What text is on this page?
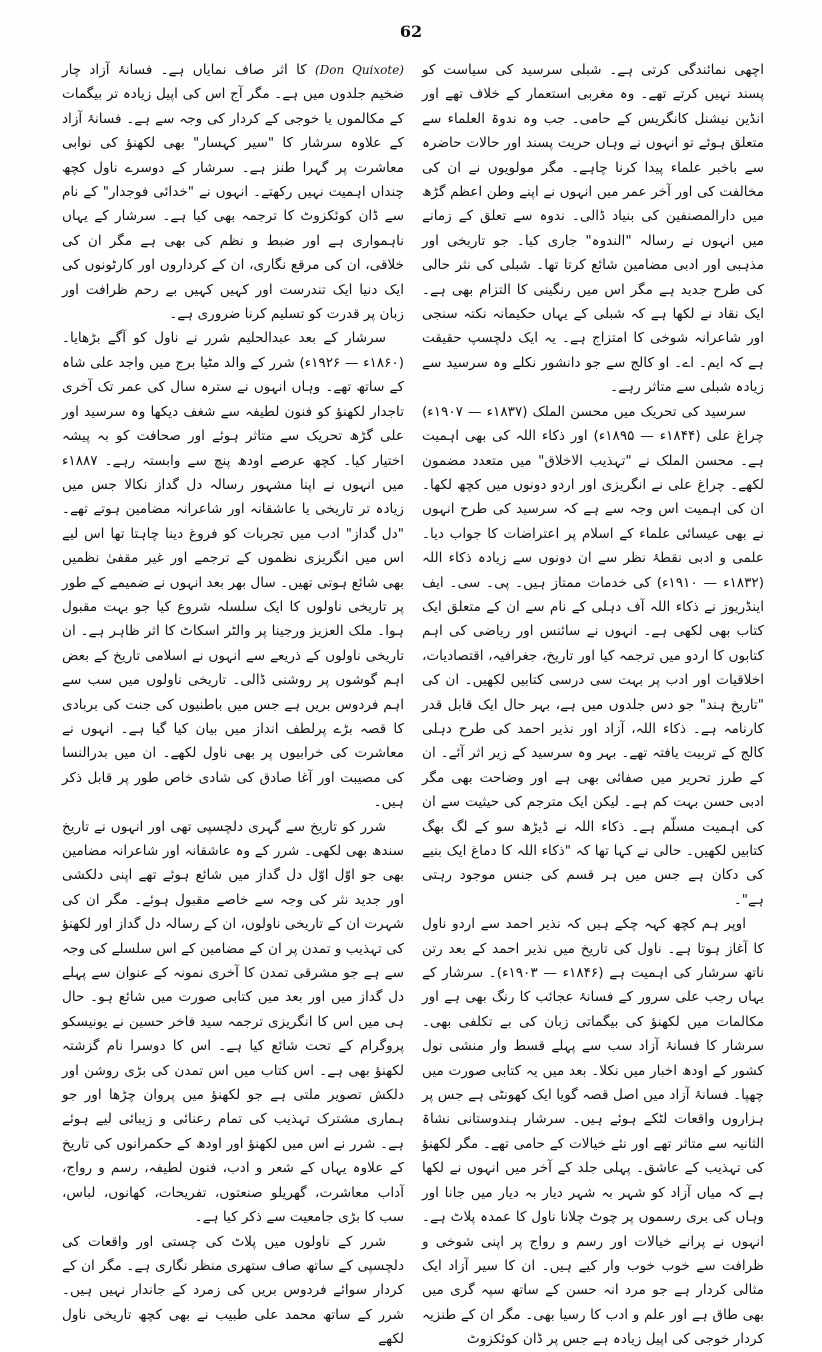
62

اچھی نمائندگی کرتی ہے۔ شبلی سرسید کی سیاست کو پسند نہیں کرتے تھے۔ وہ مغربی استعمار کے خلاف تھے اور انڈین نیشنل کانگریس کے حامی۔ جب وہ ندوۃ العلماء سے متعلق ہوئے تو انہوں نے وہاں حریت پسند اور حالات حاضرہ سے باخبر علماء پیدا کرنا چاہے۔ مگر مولویوں نے ان کی مخالفت کی اور آخر عمر میں انہوں نے اپنے وطن اعظم گڑھ میں دارالمصنفین کی بنیاد ڈالی۔ ندوہ سے تعلق کے زمانے میں انہوں نے رسالہ "الندوہ" جاری کیا۔ جو تاریخی اور مذہبی اور ادبی مضامین شائع کرتا تھا۔ شبلی کی نثر حالی کی طرح جدید ہے مگر اس میں رنگینی کا التزام بھی ہے۔ ایک نقاد نے لکھا ہے کہ شبلی کے یہاں حکیمانہ نکتہ سنجی اور شاعرانہ شوخی کا امتزاج ہے۔ یہ ایک دلچسپ حقیقت ہے کہ ایم۔ اے۔ او کالج سے جو دانشور نکلے وہ سرسید سے زیادہ شبلی سے متاثر رہے۔

سرسید کی تحریک میں محسن الملک (۱۸۳۷ء — ۱۹۰۷ء) چراغ علی (۱۸۴۴ء — ۱۸۹۵ء) اور ذکاء اللہ کی بھی اہمیت ہے۔ محسن الملک نے "تہذیب الاخلاق" میں متعدد مضمون لکھے۔ چراغ علی نے انگریزی اور اردو دونوں میں کچھ لکھا۔ ان کی اہمیت اس وجہ سے ہے کہ سرسید کی طرح انہوں نے بھی عیسائی علماء کے اسلام پر اعتراضات کا جواب دیا۔ علمی و ادبی نقطۂ نظر سے ان دونوں سے زیادہ ذکاء اللہ (۱۸۳۲ء — ۱۹۱۰ء) کی خدمات ممتاز ہیں۔ پی۔ سی۔ ایف اینڈریوز نے ذکاء اللہ آف دہلی کے نام سے ان کے متعلق ایک کتاب بھی لکھی ہے۔ انہوں نے سائنس اور ریاضی کی اہم کتابوں کا اردو میں ترجمہ کیا اور تاریخ، جغرافیہ، اقتصادیات، اخلاقیات اور ادب پر بہت سی درسی کتابیں لکھیں۔ ان کی "تاریخ ہند" جو دس جلدوں میں ہے، بہر حال ایک قابل قدر کارنامہ ہے۔ ذکاء اللہ، آزاد اور نذیر احمد کی طرح دہلی کالج کے تربیت یافتہ تھے۔ بہر وہ سرسید کے زیر اثر آئے۔ ان کے طرز تحریر میں صفائی بھی ہے اور وضاحت بھی مگر ادبی حسن بہت کم ہے۔ لیکن ایک مترجم کی حیثیت سے ان کی اہمیت مسلّم ہے۔ ذکاء اللہ نے ڈیڑھ سو کے لگ بھگ کتابیں لکھیں۔ حالی نے کہا تھا کہ "ذکاء اللہ کا دماغ ایک بنیے کی دکان ہے جس میں ہر قسم کی جنس موجود رہتی ہے"۔

اوپر ہم کچھ کہہ چکے ہیں کہ نذیر احمد سے اردو ناول کا آغاز ہوتا ہے۔ ناول کی تاریخ میں نذیر احمد کے بعد رتن ناتھ سرشار کی اہمیت ہے (۱۸۴۶ء — ۱۹۰۳ء)۔ سرشار کے یہاں رجب علی سرور کے فسانۂ عجائب کا رنگ بھی ہے اور مکالمات میں لکھنؤ کی بیگماتی زبان کی بے تکلفی بھی۔ سرشار کا فسانۂ آزاد سب سے پہلے قسط وار منشی نول کشور کے اودھ اخبار میں نکلا۔ بعد میں یہ کتابی صورت میں چھپا۔ فسانۂ آزاد میں اصل قصہ گویا ایک کھونٹی ہے جس پر ہزاروں واقعات لٹکے ہوئے ہیں۔ سرشار ہندوستانی نشاۃ الثانیہ سے متاثر تھے اور نئے خیالات کے حامی تھے۔ مگر لکھنؤ کی تہذیب کے عاشق۔ پہلی جلد کے آخر میں انہوں نے لکھا ہے کہ میاں آزاد کو شہر بہ شہر دیار بہ دیار میں جانا اور وہاں کی بری رسموں پر چوٹ چلانا ناول کا عمدہ پلاٹ ہے۔ انہوں نے پرانے خیالات اور رسم و رواج پر اپنی شوخی و ظرافت سے خوب خوب وار کیے ہیں۔ ان کا سیر آزاد ایک مثالی کردار ہے جو مرد انہ حسن کے ساتھ سپہ گری میں بھی طاق ہے اور علم و ادب کا رسیا بھی۔ مگر ان کے طنزیہ کردار خوجی کی اپیل زیادہ ہے جس پر ڈان کوئکزوٹ

(Don Quixote) کا اثر صاف نمایاں ہے۔ فسانۂ آزاد چار ضخیم جلدوں میں ہے۔ مگر آج اس کی اپیل زیادہ تر بیگمات کے مکالموں یا خوجی کے کردار کی وجہ سے ہے۔ فسانۂ آزاد کے علاوہ سرشار کا "سیر کہسار" بھی لکھنؤ کی نوابی معاشرت پر گہرا طنز ہے۔ سرشار کے دوسرے ناول کچھ چنداں اہمیت نہیں رکھتے۔ انہوں نے "خدائی فوجدار" کے نام سے ڈان کوئکزوٹ کا ترجمہ بھی کیا ہے۔ سرشار کے یہاں ناہمواری ہے اور ضبط و نظم کی بھی ہے مگر ان کی خلاقی، ان کی مرقع نگاری، ان کے کرداروں اور کارٹونوں کی ایک دنیا ایک تندرست اور کہیں کہیں بے رحم ظرافت اور زبان پر قدرت کو تسلیم کرنا ضروری ہے۔

سرشار کے بعد عبدالحلیم شرر نے ناول کو آگے بڑھایا۔ (۱۸۶۰ء — ۱۹۲۶ء) شرر کے والد مٹیا برج میں واجد علی شاہ کے ساتھ تھے۔ وہاں انہوں نے سترہ سال کی عمر تک آخری تاجدار لکھنؤ کو فنون لطیفہ سے شغف دیکھا وہ سرسید اور علی گڑھ تحریک سے متاثر ہوئے اور صحافت کو بہ پیشہ اختیار کیا۔ کچھ عرصے اودھ پنچ سے وابستہ رہے۔ ۱۸۸۷ء میں انہوں نے اپنا مشہور رسالہ دل گداز نکالا جس میں زیادہ تر تاریخی یا عاشقانہ اور شاعرانہ مضامین ہوتے تھے۔ "دل گداز" ادب میں تجربات کو فروغ دینا چاہتا تھا اس لیے اس میں انگریزی نظموں کے ترجمے اور غیر مقفیٰ نظمیں بھی شائع ہوتی تھیں۔ سال بھر بعد انہوں نے ضمیمے کے طور پر تاریخی ناولوں کا ایک سلسلہ شروع کیا جو بہت مقبول ہوا۔ ملک العزیز ورجینا پر والٹر اسکاٹ کا اثر ظاہر ہے۔ ان تاریخی ناولوں کے ذریعے سے انہوں نے اسلامی تاریخ کے بعض اہم گوشوں پر روشنی ڈالی۔ تاریخی ناولوں میں سب سے اہم فردوس بریں ہے جس میں باطنیوں کی جنت کی بربادی کا قصہ بڑے پرلطف انداز میں بیان کیا گیا ہے۔ انہوں نے معاشرت کی خرابیوں پر بھی ناول لکھے۔ ان میں بدرالنسا کی مصیبت اور آغا صادق کی شادی خاص طور پر قابل ذکر ہیں۔

شرر کو تاریخ سے گہری دلچسپی تھی اور انہوں نے تاریخ سندھ بھی لکھی۔ شرر کے وہ عاشقانہ اور شاعرانہ مضامین بھی جو اوّل اوّل دل گداز میں شائع ہوئے تھے اپنی دلکشی اور جدید نثر کی وجہ سے خاصے مقبول ہوئے۔ مگر ان کی شہرت ان کے تاریخی ناولوں، ان کے رسالہ دل گداز اور لکھنؤ کی تہذیب و تمدن پر ان کے مضامین کے اس سلسلے کی وجہ سے ہے جو مشرقی تمدن کا آخری نمونہ کے عنوان سے پہلے دل گداز میں اور بعد میں کتابی صورت میں شائع ہو۔ حال ہی میں اس کا انگریزی ترجمہ سید فاخر حسین نے یونیسکو پروگرام کے تحت شائع کیا ہے۔ اس کا دوسرا نام گزشتہ لکھنؤ بھی ہے۔ اس کتاب میں اس تمدن کی بڑی روشن اور دلکش تصویر ملتی ہے جو لکھنؤ میں پروان چڑھا اور جو ہماری مشترک تہذیب کی تمام رعنائی و زیبائی لیے ہوئے ہے۔ شرر نے اس میں لکھنؤ اور اودھ کے حکمرانوں کی تاریخ کے علاوہ یہاں کے شعر و ادب، فنون لطیفہ، رسم و رواج، آداب معاشرت، گھریلو صنعتوں، تفریحات، کھانوں، لباس، سب کا بڑی جامعیت سے ذکر کیا ہے۔

شرر کے ناولوں میں پلاٹ کی چستی اور واقعات کی دلچسپی کے ساتھ صاف ستھری منظر نگاری ہے۔ مگر ان کے کردار سوائے فردوس بریں کی زمرد کے جاندار نہیں ہیں۔ شرر کے ساتھ محمد علی طبیب نے بھی کچھ تاریخی ناول لکھے
